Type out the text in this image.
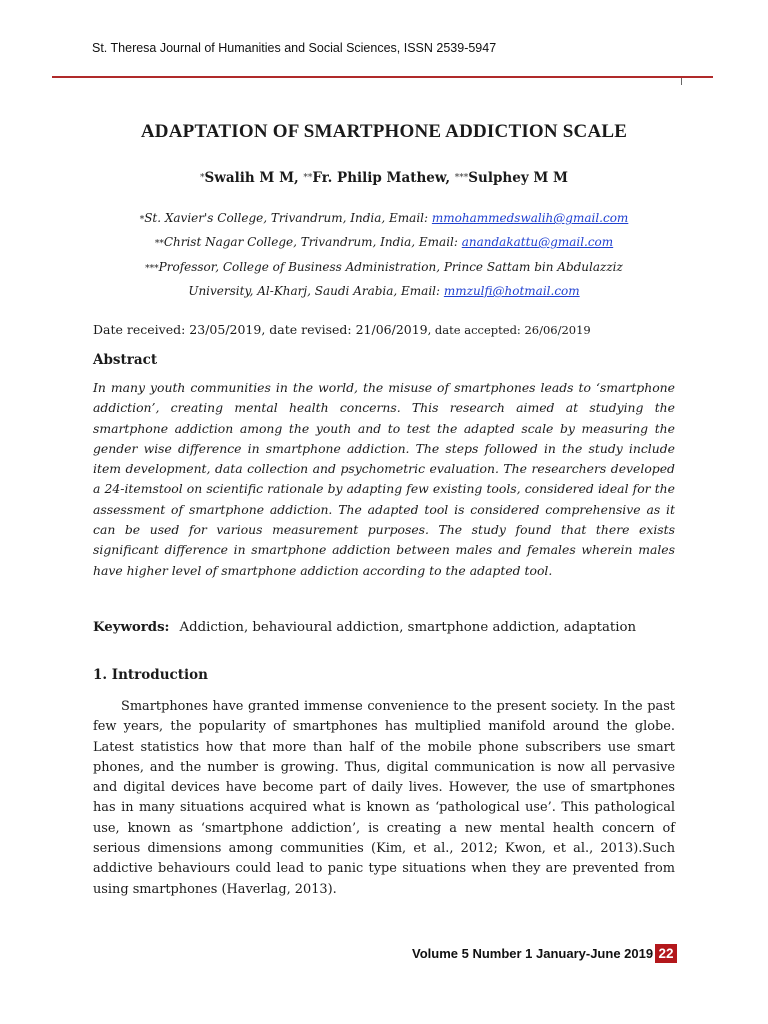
St. Theresa Journal of Humanities and Social Sciences, ISSN 2539-5947
ADAPTATION OF SMARTPHONE ADDICTION SCALE
*Swalih M M, **Fr. Philip Mathew, ***Sulphey M M
*St. Xavier's College, Trivandrum, India, Email: mmohammedswalih@gmail.com
**Christ Nagar College, Trivandrum, India, Email: anandakattu@gmail.com
***Professor, College of Business Administration, Prince Sattam bin Abdulazziz
University, Al-Kharj, Saudi Arabia, Email: mmzulfi@hotmail.com
Date received: 23/05/2019, date revised: 21/06/2019, date accepted: 26/06/2019
Abstract

In many youth communities in the world, the misuse of smartphones leads to ‘smartphone addiction’, creating mental health concerns. This research aimed at studying the smartphone addiction among the youth and to test the adapted scale by measuring the gender wise difference in smartphone addiction. The steps followed in the study include item development, data collection and psychometric evaluation. The researchers developed a 24-itemstool on scientific rationale by adapting few existing tools, considered ideal for the assessment of smartphone addiction. The adapted tool is considered comprehensive as it can be used for various measurement purposes. The study found that there exists significant difference in smartphone addiction between males and females wherein males have higher level of smartphone addiction according to the adapted tool.

Keywords: Addiction, behavioural addiction, smartphone addiction, adaptation
1. Introduction

Smartphones have granted immense convenience to the present society. In the past few years, the popularity of smartphones has multiplied manifold around the globe. Latest statistics how that more than half of the mobile phone subscribers use smart phones, and the number is growing. Thus, digital communication is now all pervasive and digital devices have become part of daily lives. However, the use of smartphones has in many situations acquired what is known as ‘pathological use’. This pathological use, known as ‘smartphone addiction’, is creating a new mental health concern of serious dimensions among communities (Kim, et al., 2012; Kwon, et al., 2013).Such addictive behaviours could lead to panic type situations when they are prevented from using smartphones (Haverlag, 2013).

Volume 5 Number 1 January-June 2019 22
